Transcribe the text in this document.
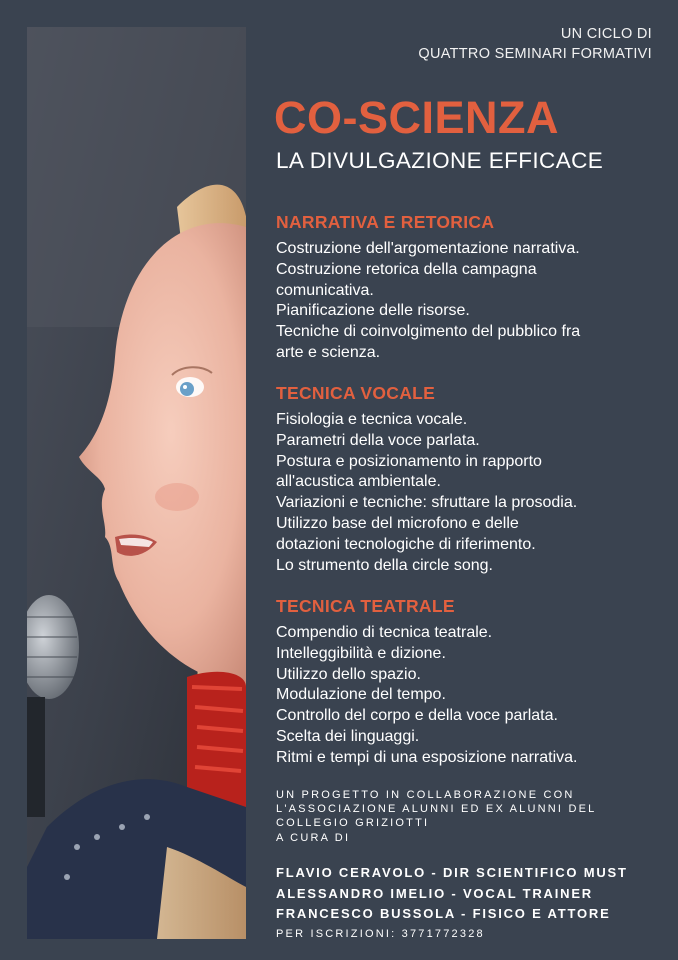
UN CICLO DI
QUATTRO SEMINARI FORMATIVI
CO-SCIENZA
LA DIVULGAZIONE EFFICACE
NARRATIVA E RETORICA
Costruzione dell'argomentazione narrativa.
Costruzione retorica della campagna
comunicativa.
Pianificazione delle risorse.
Tecniche di coinvolgimento del pubblico fra
arte e scienza.
TECNICA VOCALE
Fisiologia e tecnica vocale.
Parametri della voce parlata.
Postura e posizionamento in rapporto
all'acustica ambientale.
Variazioni e tecniche: sfruttare la prosodia.
Utilizzo base del microfono e delle
dotazioni tecnologiche di riferimento.
Lo strumento della circle song.
TECNICA TEATRALE
Compendio di tecnica teatrale.
Intelleggibilità e dizione.
Utilizzo dello spazio.
Modulazione del tempo.
Controllo del corpo e della voce parlata.
Scelta dei linguaggi.
Ritmi e tempi di una esposizione narrativa.
UN PROGETTO IN COLLABORAZIONE CON
L'ASSOCIAZIONE ALUNNI ED EX ALUNNI DEL
COLLEGIO GRIZIOTTI
A CURA DI
FLAVIO CERAVOLO - DIR SCIENTIFICO MUST
ALESSANDRO IMELIO - VOCAL TRAINER
FRANCESCO BUSSOLA - FISICO E ATTORE
PER ISCRIZIONI: 3771772328
